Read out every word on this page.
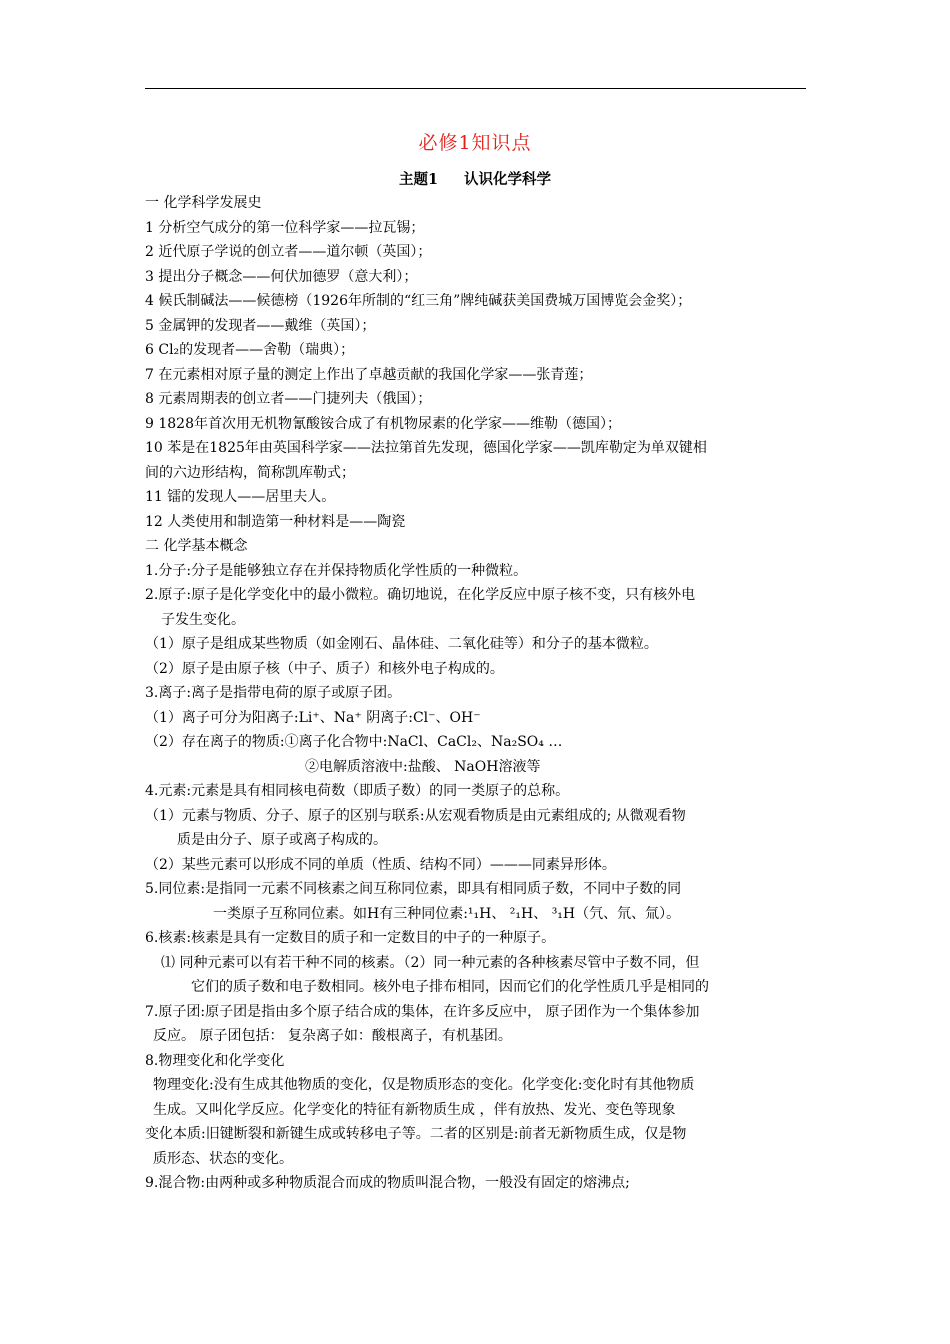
必修1知识点
主题1 认识化学科学
一 化学科学发展史
1 分析空气成分的第一位科学家——拉瓦锡；
2 近代原子学说的创立者——道尔顿（英国）；
3 提出分子概念——何伏加德罗（意大利）；
4 候氏制碱法——候德榜（1926年所制的“红三角”牌纯碱获美国费城万国博览会金奖）；
5 金属钾的发现者——戴维（英国）；
6 Cl₂的发现者——舍勒（瑞典）；
7 在元素相对原子量的测定上作出了卓越贡献的我国化学家——张青莲；
8 元素周期表的创立者——门捷列夫（俄国）；
9 1828年首次用无机物氰酸铵合成了有机物尿素的化学家——维勒（德国）；
10 苯是在1825年由英国科学家——法拉第首先发现，德国化学家——凯库勒定为单双键相
间的六边形结构，简称凯库勒式；
11 镭的发现人——居里夫人。
12 人类使用和制造第一种材料是——陶瓷
二 化学基本概念
1.分子:分子是能够独立存在并保持物质化学性质的一种微粒。
2.原子:原子是化学变化中的最小微粒。确切地说，在化学反应中原子核不变，只有核外电
子发生变化。
（1）原子是组成某些物质（如金刚石、晶体硅、二氧化硅等）和分子的基本微粒。
（2）原子是由原子核（中子、质子）和核外电子构成的。
3.离子:离子是指带电荷的原子或原子团。
（1）离子可分为阳离子:Li⁺、Na⁺ 阴离子:Cl⁻、OH⁻
（2）存在离子的物质:①离子化合物中:NaCl、CaCl₂、Na₂SO₄ …
②电解质溶液中:盐酸、 NaOH溶液等
4.元素:元素是具有相同核电荷数（即质子数）的同一类原子的总称。
（1）元素与物质、分子、原子的区别与联系:从宏观看物质是由元素组成的; 从微观看物
质是由分子、原子或离子构成的。
（2）某些元素可以形成不同的单质（性质、结构不同）———同素异形体。
5.同位素:是指同一元素不同核素之间互称同位素，即具有相同质子数，不同中子数的同
一类原子互称同位素。如H有三种同位素:¹₁H、 ²₁H、 ³₁H（氕、氘、氚）。
6.核素:核素是具有一定数目的质子和一定数目的中子的一种原子。
⑴ 同种元素可以有若干种不同的核素。（2）同一种元素的各种核素尽管中子数不同，但
它们的质子数和电子数相同。核外电子排布相同，因而它们的化学性质几乎是相同的
7.原子团:原子团是指由多个原子结合成的集体，在许多反应中， 原子团作为一个集体参加
反应。 原子团包括： 复杂离子如：酸根离子，有机基团。
8.物理变化和化学变化
物理变化:没有生成其他物质的变化，仅是物质形态的变化。化学变化:变化时有其他物质
生成。又叫化学反应。化学变化的特征有新物质生成 ，伴有放热、发光、变色等现象
变化本质:旧键断裂和新键生成或转移电子等。二者的区别是:前者无新物质生成，仅是物
质形态、状态的变化。
9.混合物:由两种或多种物质混合而成的物质叫混合物，一般没有固定的熔沸点;
